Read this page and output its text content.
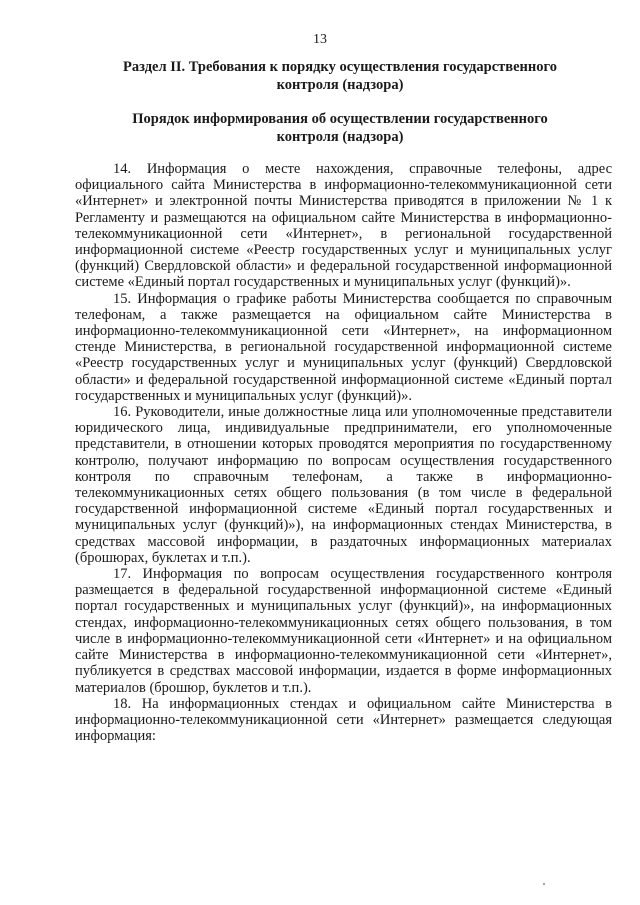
13
Раздел II. Требования к порядку осуществления государственного контроля (надзора)
Порядок информирования об осуществлении государственного контроля (надзора)

14. Информация о месте нахождения, справочные телефоны, адрес официального сайта Министерства в информационно-телекоммуникационной сети «Интернет» и электронной почты Министерства приводятся в приложении № 1 к Регламенту и размещаются на официальном сайте Министерства в информационно-телекоммуникационной сети «Интернет», в региональной государственной информационной системе «Реестр государственных услуг и муниципальных услуг (функций) Свердловской области» и федеральной государственной информационной системе «Единый портал государственных и муниципальных услуг (функций)».

15. Информация о графике работы Министерства сообщается по справочным телефонам, а также размещается на официальном сайте Министерства в информационно-телекоммуникационной сети «Интернет», на информационном стенде Министерства, в региональной государственной информационной системе «Реестр государственных услуг и муниципальных услуг (функций) Свердловской области» и федеральной государственной информационной системе «Единый портал государственных и муниципальных услуг (функций)».

16. Руководители, иные должностные лица или уполномоченные представители юридического лица, индивидуальные предприниматели, его уполномоченные представители, в отношении которых проводятся мероприятия по государственному контролю, получают информацию по вопросам осуществления государственного контроля по справочным телефонам, а также в информационно-телекоммуникационных сетях общего пользования (в том числе в федеральной государственной информационной системе «Единый портал государственных и муниципальных услуг (функций)»), на информационных стендах Министерства, в средствах массовой информации, в раздаточных информационных материалах (брошюрах, буклетах и т.п.).

17. Информация по вопросам осуществления государственного контроля размещается в федеральной государственной информационной системе «Единый портал государственных и муниципальных услуг (функций)», на информационных стендах, информационно-телекоммуникационных сетях общего пользования, в том числе в информационно-телекоммуникационной сети «Интернет» и на официальном сайте Министерства в информационно-телекоммуникационной сети «Интернет», публикуется в средствах массовой информации, издается в форме информационных материалов (брошюр, буклетов и т.п.).

18. На информационных стендах и официальном сайте Министерства в информационно-телекоммуникационной сети «Интернет» размещается следующая информация:
